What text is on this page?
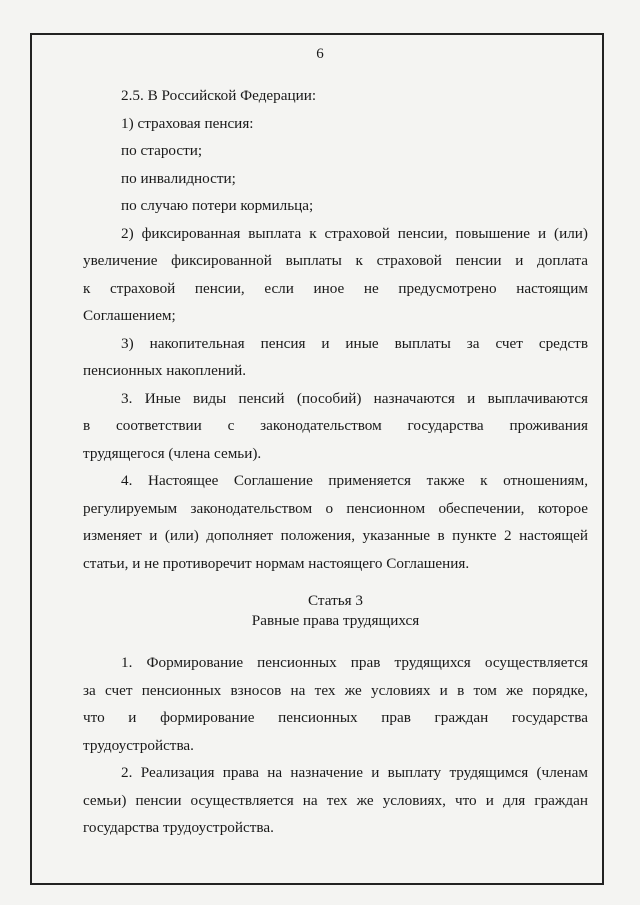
6
2.5. В Российской Федерации:
1) страховая пенсия:
по старости;
по инвалидности;
по случаю потери кормильца;
2) фиксированная выплата к страховой пенсии, повышение и (или)
увеличение фиксированной выплаты к страховой пенсии и доплата
к страховой пенсии, если иное не предусмотрено настоящим
Соглашением;
3) накопительная пенсия и иные выплаты за счет средств
пенсионных накоплений.
3. Иные виды пенсий (пособий) назначаются и выплачиваются
в соответствии с законодательством государства проживания
трудящегося (члена семьи).
4. Настоящее Соглашение применяется также к отношениям,
регулируемым законодательством о пенсионном обеспечении, которое
изменяет и (или) дополняет положения, указанные в пункте 2 настоящей
статьи, и не противоречит нормам настоящего Соглашения.
Статья 3
Равные права трудящихся
1. Формирование пенсионных прав трудящихся осуществляется
за счет пенсионных взносов на тех же условиях и в том же порядке,
что и формирование пенсионных прав граждан государства
трудоустройства.
2. Реализация права на назначение и выплату трудящимся (членам
семьи) пенсии осуществляется на тех же условиях, что и для граждан
государства трудоустройства.
